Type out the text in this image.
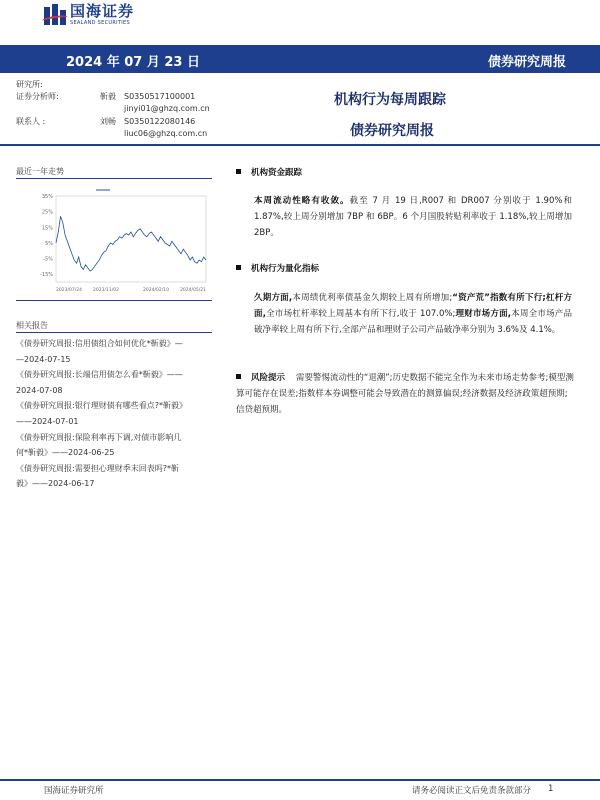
国海证券
SEALAND SECURITIES
2024 年 07 月 23 日	债券研究周报
研究所:
证券分析师:	靳毅	S0350517100001
jinyi01@ghzq.com.cn
联系人 :	刘畅	S0350122080146
liuc06@ghzq.com.cn
机构行为每周跟踪
债券研究周报
最近一年走势
35%
25%
15%
5%
-5%
-15%
2023/07/24 2023/11/02	2024/02/10 2024/05/21
相关报告
《债券研究周报:信用债组合如何优化*靳毅》—
—2024-07-15
《债券研究周报:长端信用债怎么看*靳毅》——
2024-07-08
《债券研究周报:银行理财债有哪些看点?*靳毅》
——2024-07-01
《债券研究周报:保险利率再下调,对债市影响几
何*靳毅》——2024-06-25
《债券研究周报:需要担心理财季末回表吗?*靳
毅》——2024-06-17
机构资金跟踪
本周流动性略有收敛。截至 7 月 19 日,R007 和 DR007 分别收于 1.90%和 1.87%,较上周分别增加 7BP 和 6BP。6 个月国股转贴利率收于 1.18%,较上周增加 2BP。
机构行为量化指标
久期方面,本周绩优利率债基金久期较上周有所增加;“资产荒”指数有所下行;杠杆方面,全市场杠杆率较上周基本有所下行,收于 107.0%;理财市场方面,本周全市场产品破净率较上周有所下行,全部产品和理财子公司产品破净率分别为 3.6%及 4.1%。
风险提示 需要警惕流动性的“退潮”;历史数据不能完全作为未来市场走势参考;模型测算可能存在误差;指数样本券调整可能会导致潜在的测算偏误;经济数据及经济政策超预期;信贷超预期。
国海证券研究所	请务必阅读正文后免责条款部分 1
